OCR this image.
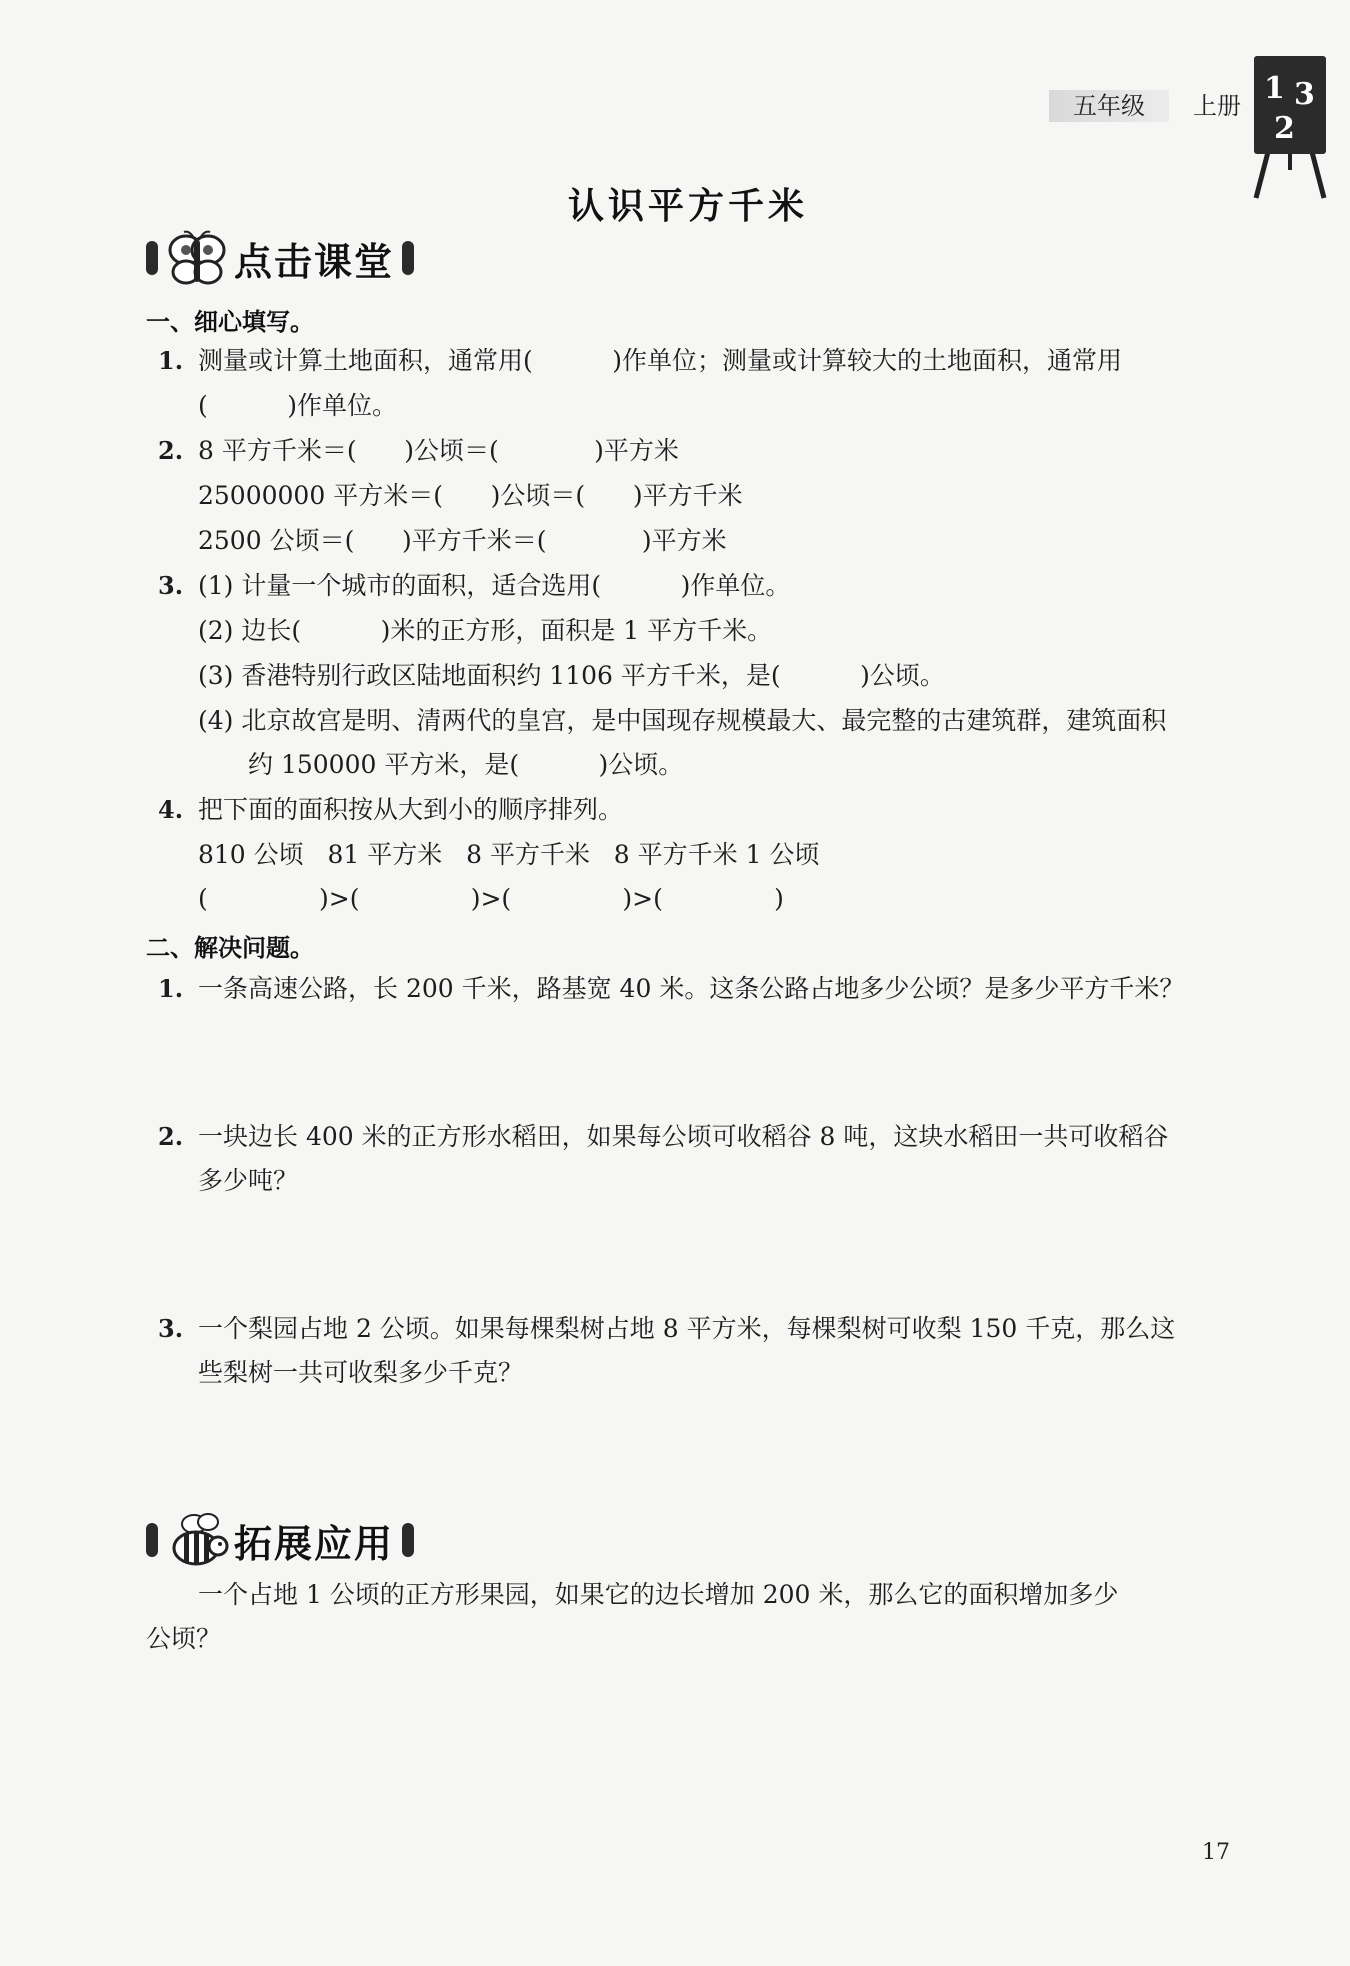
五年级	上册 1 3
2
认识平方千米
点击课堂
一、细心填写。
1. 测量或计算土地面积，通常用(          )作单位；测量或计算较大的土地面积，通常用
(          )作单位。
2. 8 平方千米＝(      )公顷＝(            )平方米
25000000 平方米＝(      )公顷＝(      )平方千米
2500 公顷＝(      )平方千米＝(            )平方米
3. (1) 计量一个城市的面积，适合选用(          )作单位。
(2) 边长(          )米的正方形，面积是 1 平方千米。
(3) 香港特别行政区陆地面积约 1106 平方千米，是(          )公顷。
(4) 北京故宫是明、清两代的皇宫，是中国现存规模最大、最完整的古建筑群，建筑面积
约 150000 平方米，是(          )公顷。
4. 把下面的面积按从大到小的顺序排列。
810 公顷   81 平方米   8 平方千米   8 平方千米 1 公顷
(              )>(              )>(              )>(              )
二、解决问题。
1. 一条高速公路，长 200 千米，路基宽 40 米。这条公路占地多少公顷？是多少平方千米？
2. 一块边长 400 米的正方形水稻田，如果每公顷可收稻谷 8 吨，这块水稻田一共可收稻谷
多少吨？
3. 一个梨园占地 2 公顷。如果每棵梨树占地 8 平方米，每棵梨树可收梨 150 千克，那么这
些梨树一共可收梨多少千克？
拓展应用
一个占地 1 公顷的正方形果园，如果它的边长增加 200 米，那么它的面积增加多少
公顷？
17
